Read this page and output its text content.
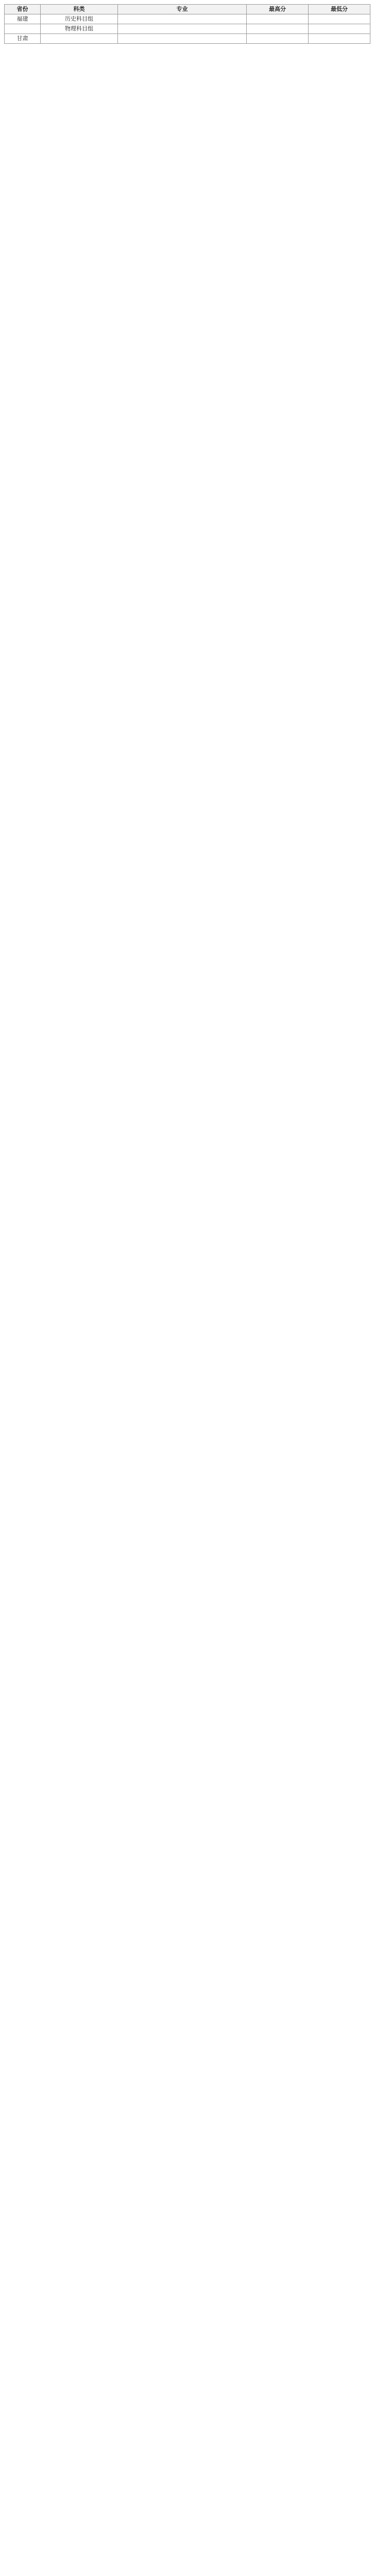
省份	科类	专业	最高分	最低分
福建	历史科目组			
	物理科目组			
甘肃				
